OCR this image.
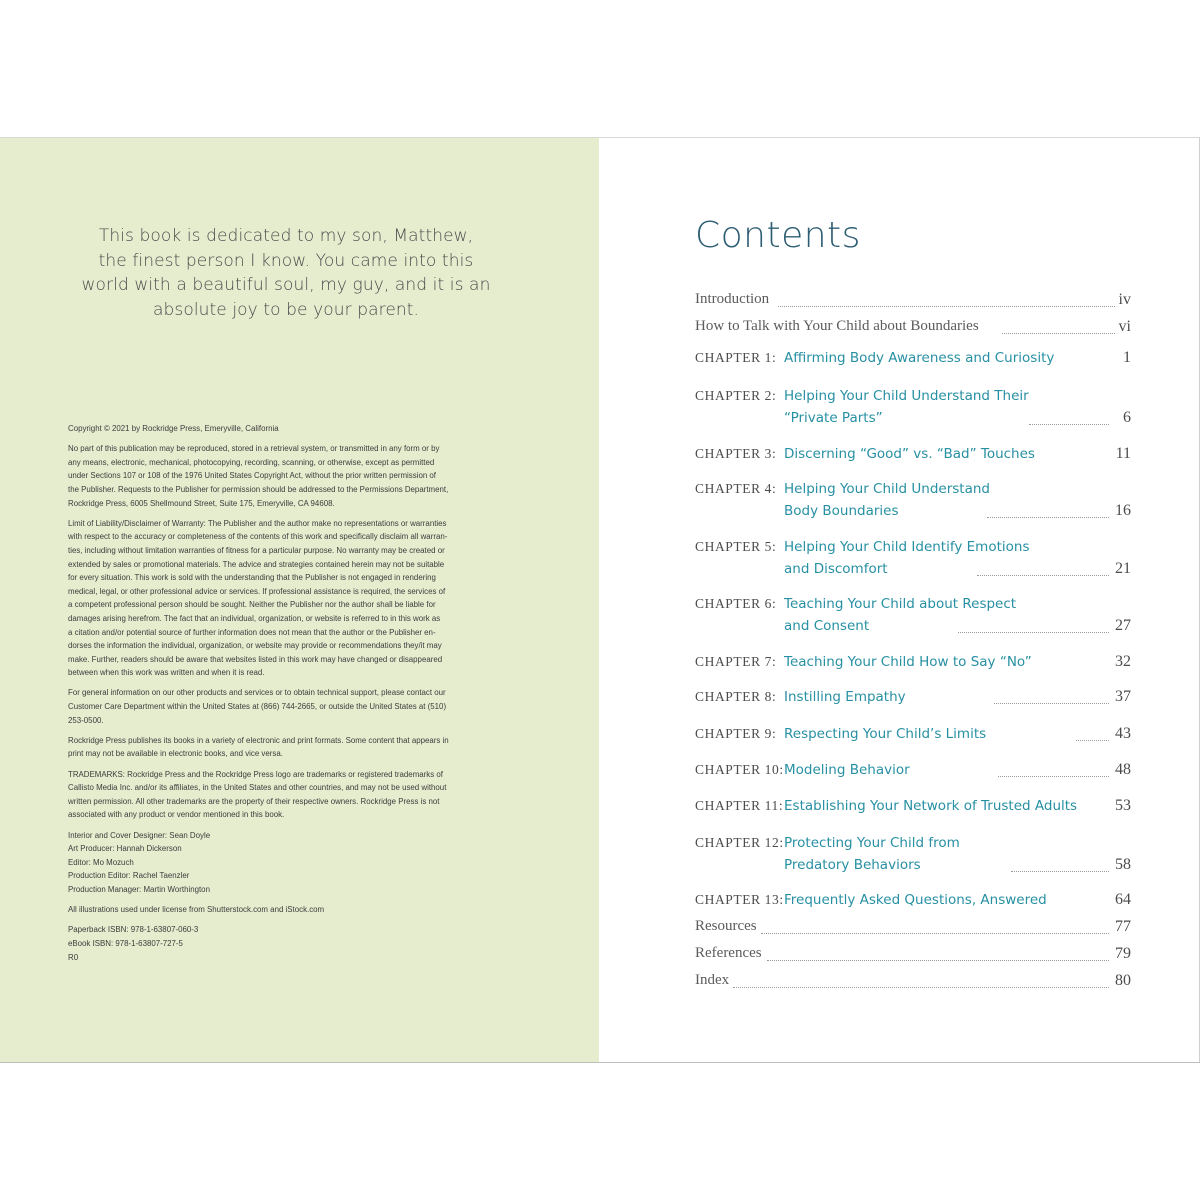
This book is dedicated to my son, Matthew,
the finest person I know. You came into this
world with a beautiful soul, my guy, and it is an
absolute joy to be your parent.
Copyright © 2021 by Rockridge Press, Emeryville, California
No part of this publication may be reproduced, stored in a retrieval system, or transmitted in any form or by
any means, electronic, mechanical, photocopying, recording, scanning, or otherwise, except as permitted
under Sections 107 or 108 of the 1976 United States Copyright Act, without the prior written permission of
the Publisher. Requests to the Publisher for permission should be addressed to the Permissions Department,
Rockridge Press, 6005 Shellmound Street, Suite 175, Emeryville, CA 94608.
Limit of Liability/Disclaimer of Warranty: The Publisher and the author make no representations or warranties
with respect to the accuracy or completeness of the contents of this work and specifically disclaim all warran-
ties, including without limitation warranties of fitness for a particular purpose. No warranty may be created or
extended by sales or promotional materials. The advice and strategies contained herein may not be suitable
for every situation. This work is sold with the understanding that the Publisher is not engaged in rendering
medical, legal, or other professional advice or services. If professional assistance is required, the services of
a competent professional person should be sought. Neither the Publisher nor the author shall be liable for
damages arising herefrom. The fact that an individual, organization, or website is referred to in this work as
a citation and/or potential source of further information does not mean that the author or the Publisher en-
dorses the information the individual, organization, or website may provide or recommendations they/it may
make. Further, readers should be aware that websites listed in this work may have changed or disappeared
between when this work was written and when it is read.
For general information on our other products and services or to obtain technical support, please contact our
Customer Care Department within the United States at (866) 744-2665, or outside the United States at (510)
253-0500.
Rockridge Press publishes its books in a variety of electronic and print formats. Some content that appears in
print may not be available in electronic books, and vice versa.
TRADEMARKS: Rockridge Press and the Rockridge Press logo are trademarks or registered trademarks of
Callisto Media Inc. and/or its affiliates, in the United States and other countries, and may not be used without
written permission. All other trademarks are the property of their respective owners. Rockridge Press is not
associated with any product or vendor mentioned in this book.
Interior and Cover Designer: Sean Doyle
Art Producer: Hannah Dickerson
Editor: Mo Mozuch
Production Editor: Rachel Taenzler
Production Manager: Martin Worthington
All illustrations used under license from Shutterstock.com and iStock.com
Paperback ISBN: 978-1-63807-060-3
eBook ISBN: 978-1-63807-727-5
R0
Contents
Introduction	iv
How to Talk with Your Child about Boundaries	vi
CHAPTER 1: Affirming Body Awareness and Curiosity	1
CHAPTER 2: Helping Your Child Understand Their
“Private Parts”	6
CHAPTER 3: Discerning “Good” vs. “Bad” Touches	11
CHAPTER 4: Helping Your Child Understand
Body Boundaries	16
CHAPTER 5: Helping Your Child Identify Emotions
and Discomfort	21
CHAPTER 6: Teaching Your Child about Respect
and Consent	27
CHAPTER 7: Teaching Your Child How to Say “No”	32
CHAPTER 8: Instilling Empathy	37
CHAPTER 9: Respecting Your Child’s Limits	43
CHAPTER 10: Modeling Behavior	48
CHAPTER 11: Establishing Your Network of Trusted Adults 53
CHAPTER 12: Protecting Your Child from
Predatory Behaviors	58
CHAPTER 13: Frequently Asked Questions, Answered	64
Resources	77
References	79
Index	80
